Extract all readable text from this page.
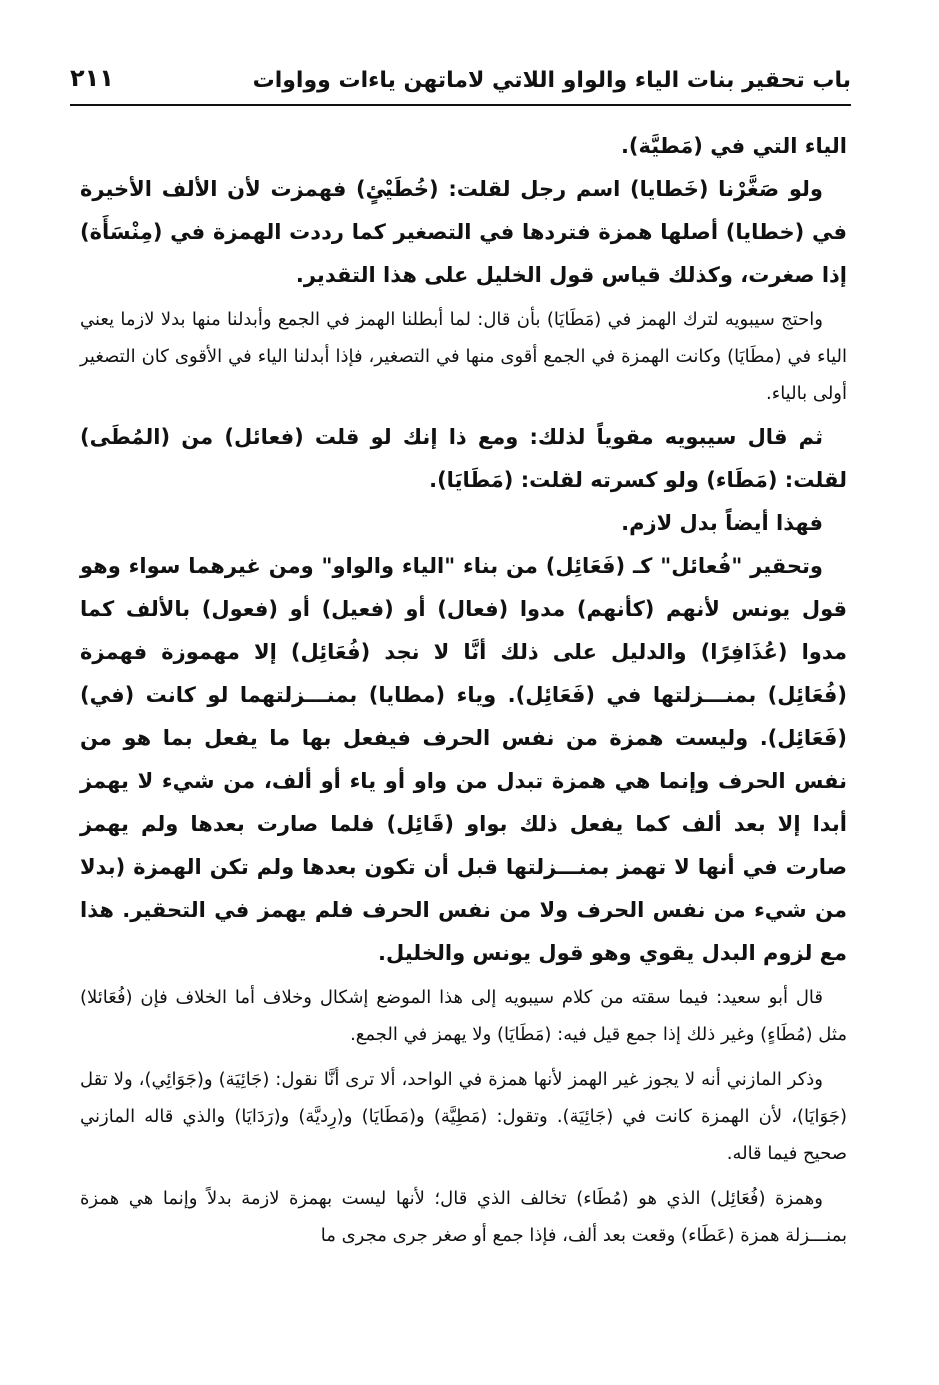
باب تحقير بنات الياء والواو اللاتي لاماتهن ياءات وواوات
٢١١

الياء التي في (مَطيَّة).

ولو صَغَّرْنا (خَطايا) اسم رجل لقلت: (خُطَيْئٍ) فهمزت لأن الألف الأخيرة في (خطايا) أصلها همزة فتردها في التصغير كما رددت الهمزة في (مِنْسَأَة) إذا صغرت، وكذلك قياس قول الخليل على هذا التقدير.

واحتج سيبويه لترك الهمز في (مَطَايَا) بأن قال: لما أبطلنا الهمز في الجمع وأبدلنا منها بدلا لازما يعني الياء في (مطَايَا) وكانت الهمزة في الجمع أقوى منها في التصغير، فإذا أبدلنا الياء في الأقوى كان التصغير أولى بالياء.

ثم قال سيبويه مقوياً لذلك: ومع ذا إنك لو قلت (فعائل) من (المُطَى) لقلت: (مَطَاء) ولو كسرته لقلت: (مَطَايَا).

فهذا أيضاً بدل لازم.

وتحقير "فُعائل" كـ (فَعَائِل) من بناء "الياء والواو" ومن غيرهما سواء وهو قول يونس لأنهم (كأنهم) مدوا (فعال) أو (فعيل) أو (فعول) بالألف كما مدوا (عُذَافِرًا) والدليل على ذلك أنَّا لا نجد (فُعَائِل) إلا مهموزة فهمزة (فُعَائِل) بمنـــزلتها في (فَعَائِل). وياء (مطايا) بمنـــزلتهما لو كانت (في) (فَعَائِل). وليست همزة من نفس الحرف فيفعل بها ما يفعل بما هو من نفس الحرف وإنما هي همزة تبدل من واو أو ياء أو ألف، من شيء لا يهمز أبدا إلا بعد ألف كما يفعل ذلك بواو (قَائِل) فلما صارت بعدها ولم يهمز صارت في أنها لا تهمز بمنـــزلتها قبل أن تكون بعدها ولم تكن الهمزة (بدلا من شيء من نفس الحرف ولا من نفس الحرف فلم يهمز في التحقير. هذا مع لزوم البدل يقوي وهو قول يونس والخليل.

قال أبو سعيد: فيما سقته من كلام سيبويه إلى هذا الموضع إشكال وخلاف أما الخلاف فإن (فُعَائلا) مثل (مُطَاءٍ) وغير ذلك إذا جمع قيل فيه: (مَطَايَا) ولا يهمز في الجمع.

وذكر المازني أنه لا يجوز غير الهمز لأنها همزة في الواحد، ألا ترى أنَّا نقول: (جَائِيَة) و(جَوَائِي)، ولا تقل (جَوَايَا)، لأن الهمزة كانت في (جَائِيَة). وتقول: (مَطِيَّة) و(مَطَايَا) و(رِديَّة) و(رَدَايَا) والذي قاله المازني صحيح فيما قاله.

وهمزة (فُعَائِل) الذي هو (مُطَاء) تخالف الذي قال؛ لأنها ليست بهمزة لازمة بدلاً وإنما هي همزة بمنـــزلة همزة (عَطَاء) وقعت بعد ألف، فإذا جمع أو صغر جرى مجرى ما
